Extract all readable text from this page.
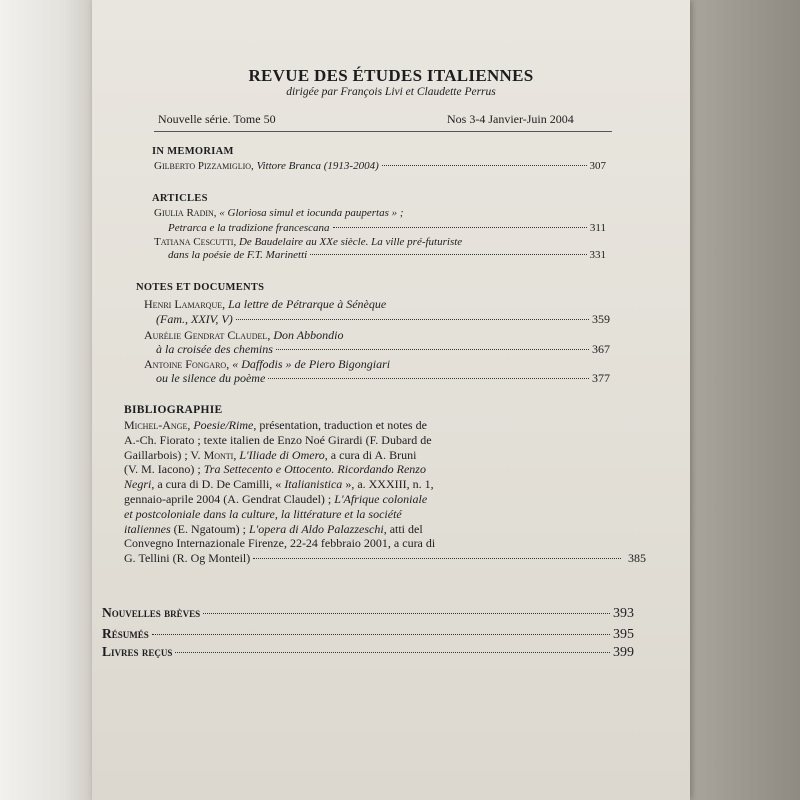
REVUE DES ÉTUDES ITALIENNES
dirigée par François Livi et Claudette Perrus
Nouvelle série. Tome 50	Nos 3-4 Janvier-Juin 2004
IN MEMORIAM
Gilberto Pizzamiglio,
Vittore Branca (1913-2004)	307
ARTICLES
Giulia Radin, « Gloriosa simul et iocunda paupertas » ;
Petrarca e la tradizione francescana	311
Tatiana Cescutti, De Baudelaire au XXe siècle. La ville pré-futuriste
dans la poésie de F.T. Marinetti	331
NOTES ET DOCUMENTS
Henri Lamarque, La lettre de Pétrarque à Sénèque
(Fam., XXIV, V)	359
Aurélie Gendrat Claudel, Don Abbondio
à la croisée des chemins	367
Antoine Fongaro, « Daffodis » de Piero Bigongiari
ou le silence du poème	377
BIBLIOGRAPHIE
Michel-Ange, Poesie/Rime, présentation, traduction et notes de
A.-Ch. Fiorato ; texte italien de Enzo Noé Girardi (F. Dubard de
Gaillarbois) ; V. Monti, L'Iliade di Omero, a cura di A. Bruni
(V. M. Iacono) ; Tra Settecento e Ottocento. Ricordando Renzo
Negri, a cura di D. De Camilli, « Italianistica », a. XXXIII, n. 1,
gennaio-aprile 2004 (A. Gendrat Claudel) ; L'Afrique coloniale
et postcoloniale dans la culture, la littérature et la société
italiennes (E. Ngatoum) ; L'opera di Aldo Palazzeschi, atti del
Convegno Internazionale Firenze, 22-24 febbraio 2001, a cura di
G. Tellini (R. Og Monteil)	385
Nouvelles brèves	393
Résumés	395
Livres reçus	399
